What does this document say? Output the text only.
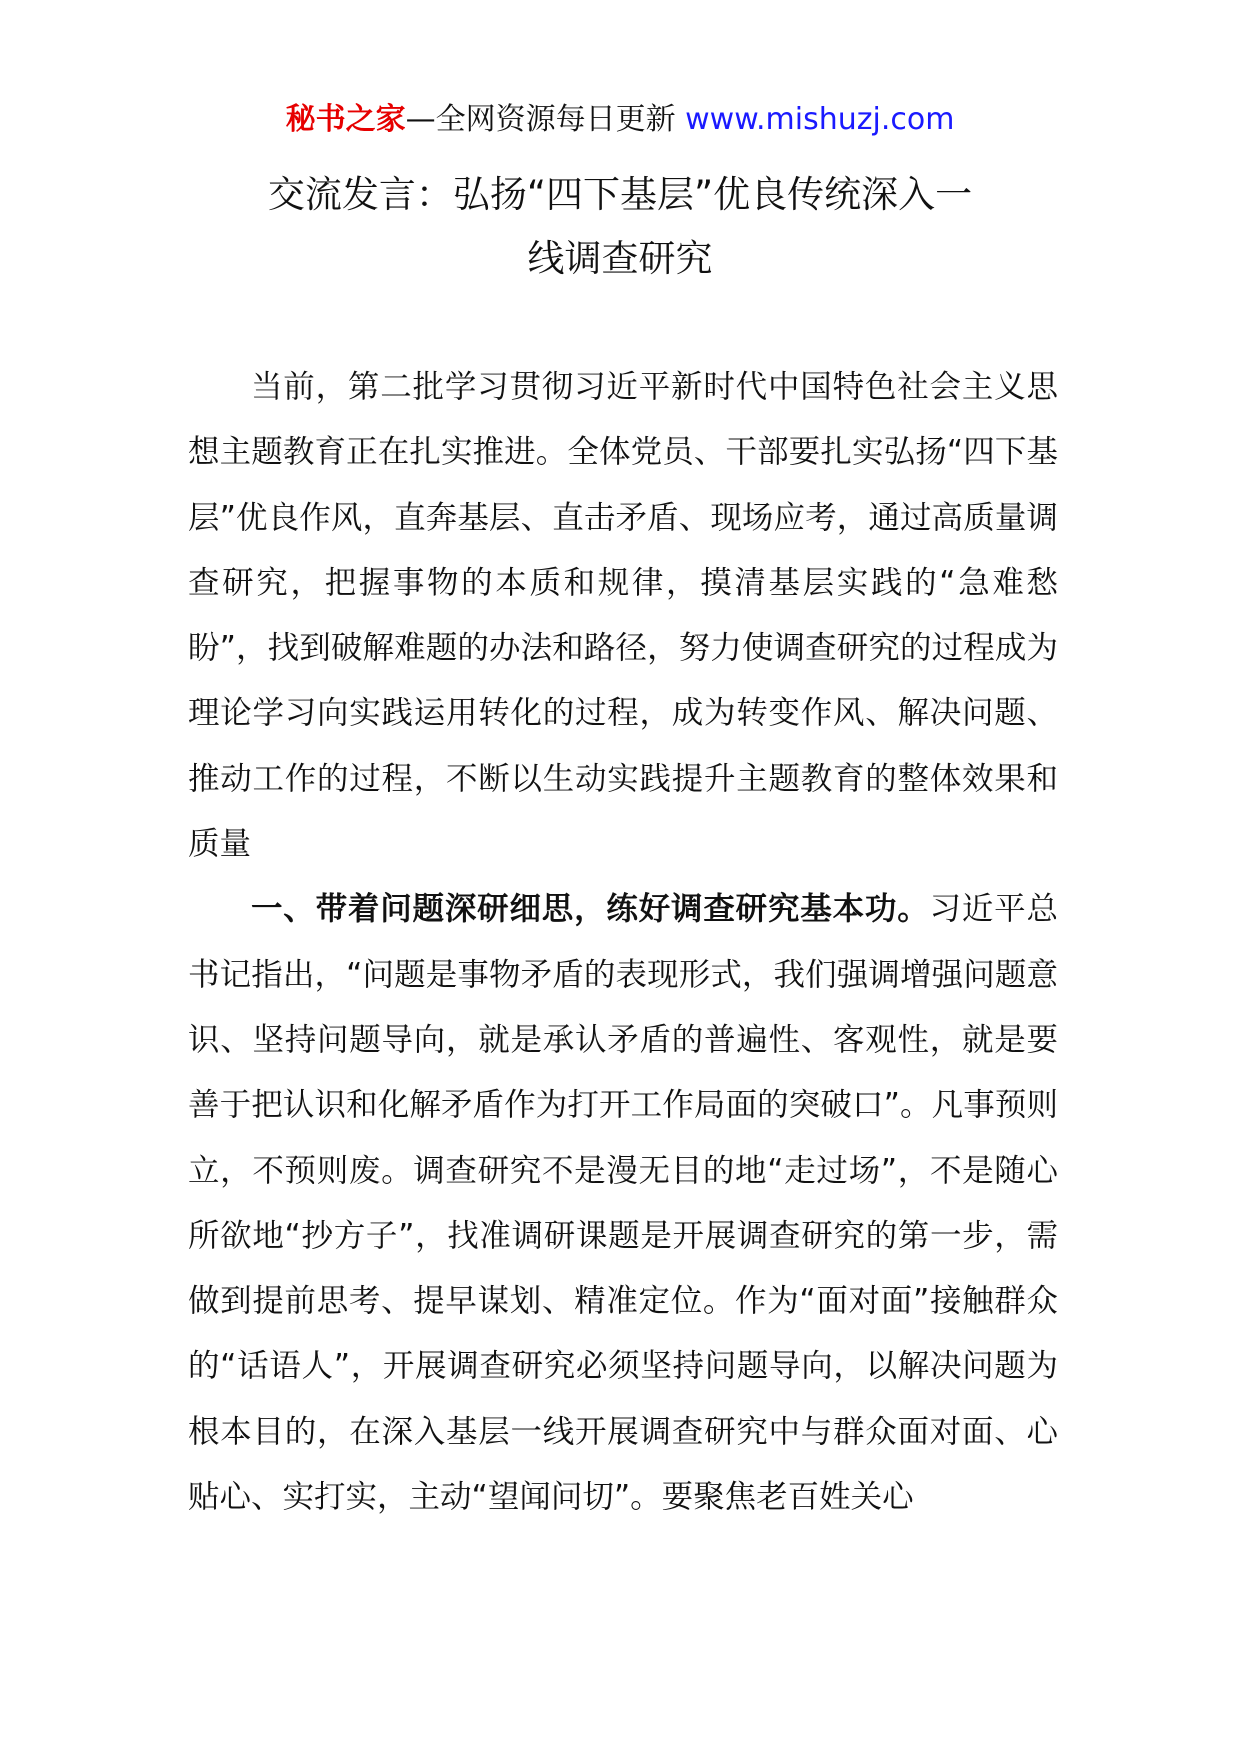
秘书之家—全网资源每日更新 www.mishuzj.com
交流发言：弘扬“四下基层”优良传统深入一
线调查研究

当前，第二批学习贯彻习近平新时代中国特色社会主义思想主题教育正在扎实推进。全体党员、干部要扎实弘扬“四下基层”优良作风，直奔基层、直击矛盾、现场应考，通过高质量调查研究，把握事物的本质和规律，摸清基层实践的“急难愁盼”，找到破解难题的办法和路径，努力使调查研究的过程成为理论学习向实践运用转化的过程，成为转变作风、解决问题、推动工作的过程，不断以生动实践提升主题教育的整体效果和质量

一、带着问题深研细思，练好调查研究基本功。习近平总书记指出，“问题是事物矛盾的表现形式，我们强调增强问题意识、坚持问题导向，就是承认矛盾的普遍性、客观性，就是要善于把认识和化解矛盾作为打开工作局面的突破口”。凡事预则立，不预则废。调查研究不是漫无目的地“走过场”，不是随心所欲地“抄方子”，找准调研课题是开展调查研究的第一步，需做到提前思考、提早谋划、精准定位。作为“面对面”接触群众的“话语人”，开展调查研究必须坚持问题导向，以解决问题为根本目的，在深入基层一线开展调查研究中与群众面对面、心贴心、实打实，主动“望闻问切”。要聚焦老百姓关心
